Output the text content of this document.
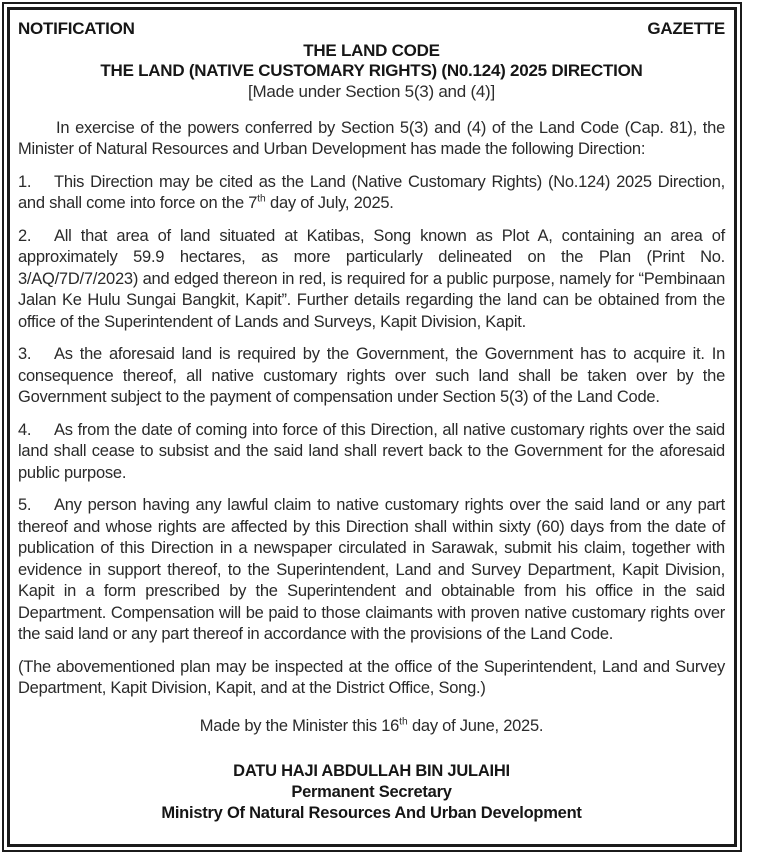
NOTIFICATION	GAZETTE
THE LAND CODE
THE LAND (NATIVE CUSTOMARY RIGHTS) (N0.124) 2025 DIRECTION
[Made under Section 5(3) and (4)]

In exercise of the powers conferred by Section 5(3) and (4) of the Land Code (Cap. 81), the Minister of Natural Resources and Urban Development has made the following Direction:

1. This Direction may be cited as the Land (Native Customary Rights) (No.124) 2025 Direction, and shall come into force on the 7th day of July, 2025.

2. All that area of land situated at Katibas, Song known as Plot A, containing an area of approximately 59.9 hectares, as more particularly delineated on the Plan (Print No. 3/AQ/7D/7/2023) and edged thereon in red, is required for a public purpose, namely for “Pembinaan Jalan Ke Hulu Sungai Bangkit, Kapit”. Further details regarding the land can be obtained from the office of the Superintendent of Lands and Surveys, Kapit Division, Kapit.

3. As the aforesaid land is required by the Government, the Government has to acquire it. In consequence thereof, all native customary rights over such land shall be taken over by the Government subject to the payment of compensation under Section 5(3) of the Land Code.

4. As from the date of coming into force of this Direction, all native customary rights over the said land shall cease to subsist and the said land shall revert back to the Government for the aforesaid public purpose.

5. Any person having any lawful claim to native customary rights over the said land or any part thereof and whose rights are affected by this Direction shall within sixty (60) days from the date of publication of this Direction in a newspaper circulated in Sarawak, submit his claim, together with evidence in support thereof, to the Superintendent, Land and Survey Department, Kapit Division, Kapit in a form prescribed by the Superintendent and obtainable from his office in the said Department. Compensation will be paid to those claimants with proven native customary rights over the said land or any part thereof in accordance with the provisions of the Land Code.

(The abovementioned plan may be inspected at the office of the Superintendent, Land and Survey Department, Kapit Division, Kapit, and at the District Office, Song.)

Made by the Minister this 16th day of June, 2025.

DATU HAJI ABDULLAH BIN JULAIHI
Permanent Secretary
Ministry Of Natural Resources And Urban Development
